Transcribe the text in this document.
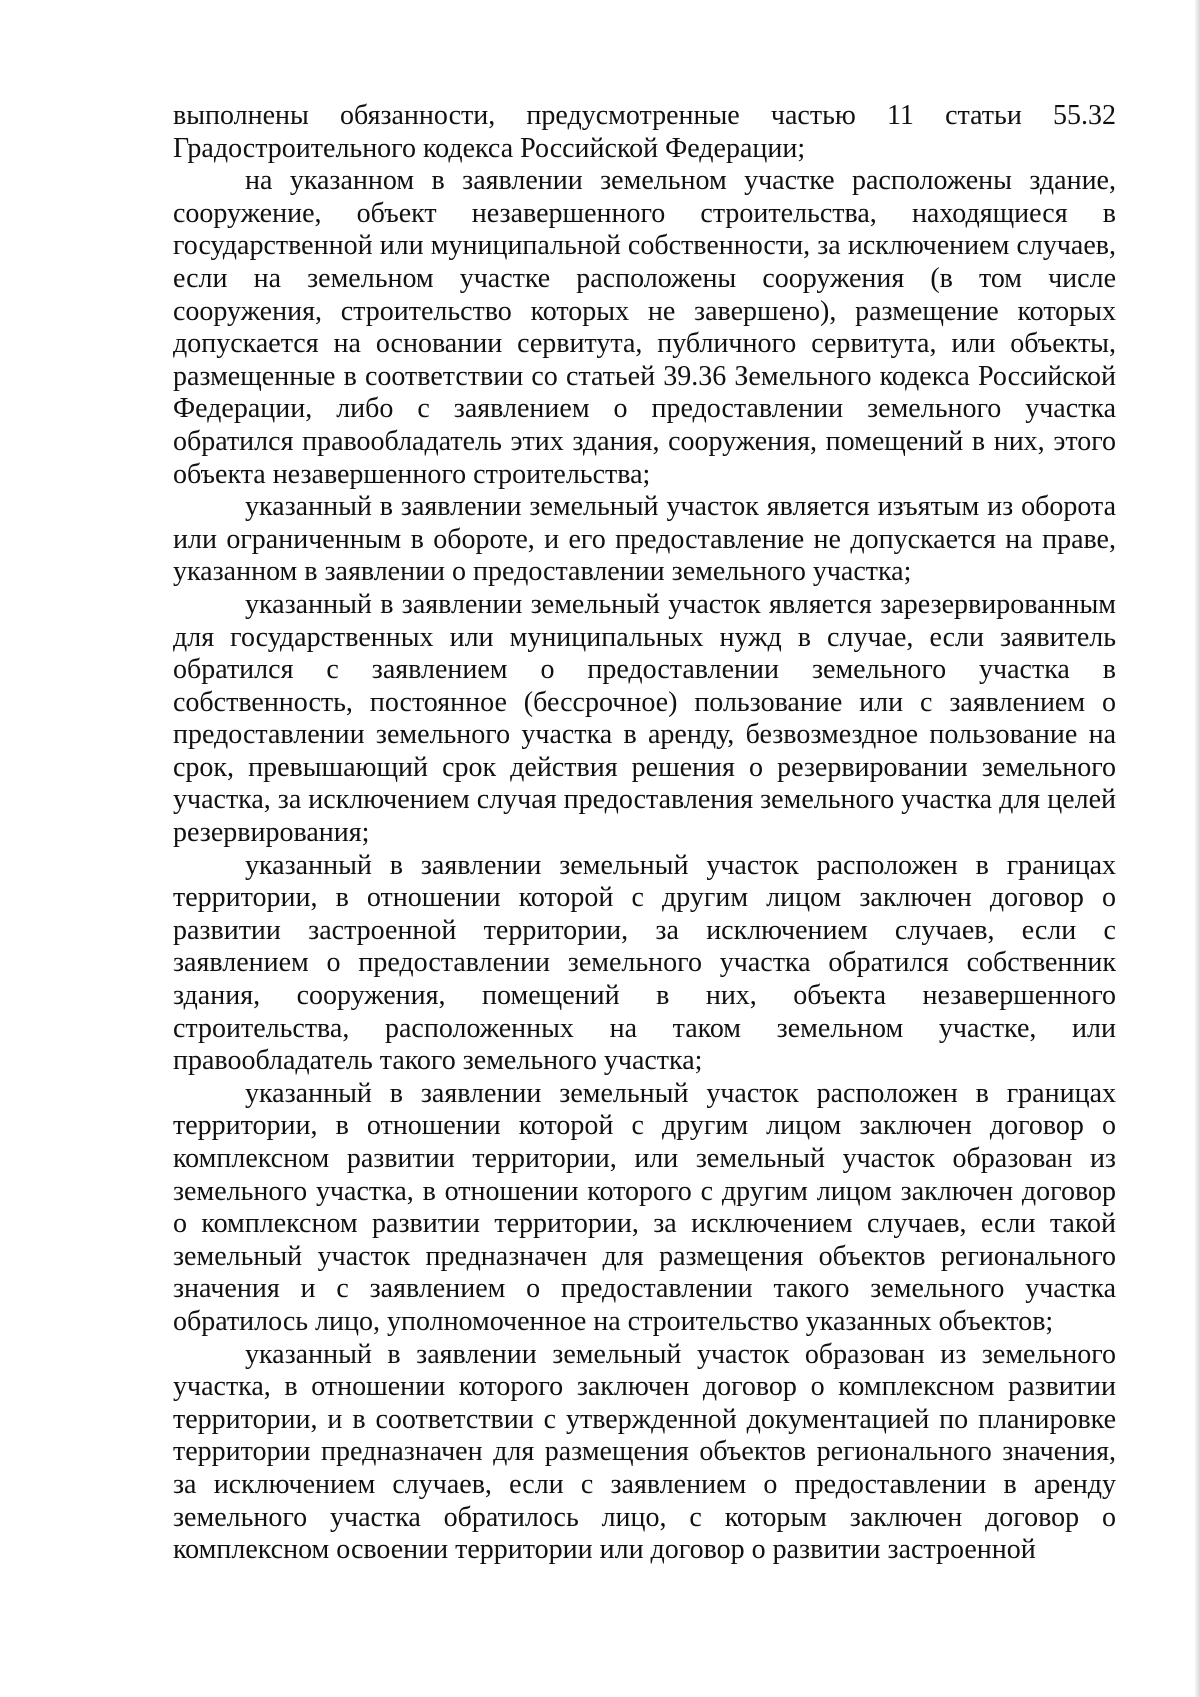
выполнены обязанности, предусмотренные частью 11 статьи 55.32 Градостроительного кодекса Российской Федерации;

на указанном в заявлении земельном участке расположены здание, сооружение, объект незавершенного строительства, находящиеся в государственной или муниципальной собственности, за исключением случаев, если на земельном участке расположены сооружения (в том числе сооружения, строительство которых не завершено), размещение которых допускается на основании сервитута, публичного сервитута, или объекты, размещенные в соответствии со статьей 39.36 Земельного кодекса Российской Федерации, либо с заявлением о предоставлении земельного участка обратился правообладатель этих здания, сооружения, помещений в них, этого объекта незавершенного строительства;

указанный в заявлении земельный участок является изъятым из оборота или ограниченным в обороте, и его предоставление не допускается на праве, указанном в заявлении о предоставлении земельного участка;

указанный в заявлении земельный участок является зарезервированным для государственных или муниципальных нужд в случае, если заявитель обратился с заявлением о предоставлении земельного участка в собственность, постоянное (бессрочное) пользование или с заявлением о предоставлении земельного участка в аренду, безвозмездное пользование на срок, превышающий срок действия решения о резервировании земельного участка, за исключением случая предоставления земельного участка для целей резервирования;

указанный в заявлении земельный участок расположен в границах территории, в отношении которой с другим лицом заключен договор о развитии застроенной территории, за исключением случаев, если с заявлением о предоставлении земельного участка обратился собственник здания, сооружения, помещений в них, объекта незавершенного строительства, расположенных на таком земельном участке, или правообладатель такого земельного участка;

указанный в заявлении земельный участок расположен в границах территории, в отношении которой с другим лицом заключен договор о комплексном развитии территории, или земельный участок образован из земельного участка, в отношении которого с другим лицом заключен договор о комплексном развитии территории, за исключением случаев, если такой земельный участок предназначен для размещения объектов регионального значения и с заявлением о предоставлении такого земельного участка обратилось лицо, уполномоченное на строительство указанных объектов;

указанный в заявлении земельный участок образован из земельного участка, в отношении которого заключен договор о комплексном развитии территории, и в соответствии с утвержденной документацией по планировке территории предназначен для размещения объектов регионального значения, за исключением случаев, если с заявлением о предоставлении в аренду земельного участка обратилось лицо, с которым заключен договор о комплексном освоении территории или договор о развитии застроенной
